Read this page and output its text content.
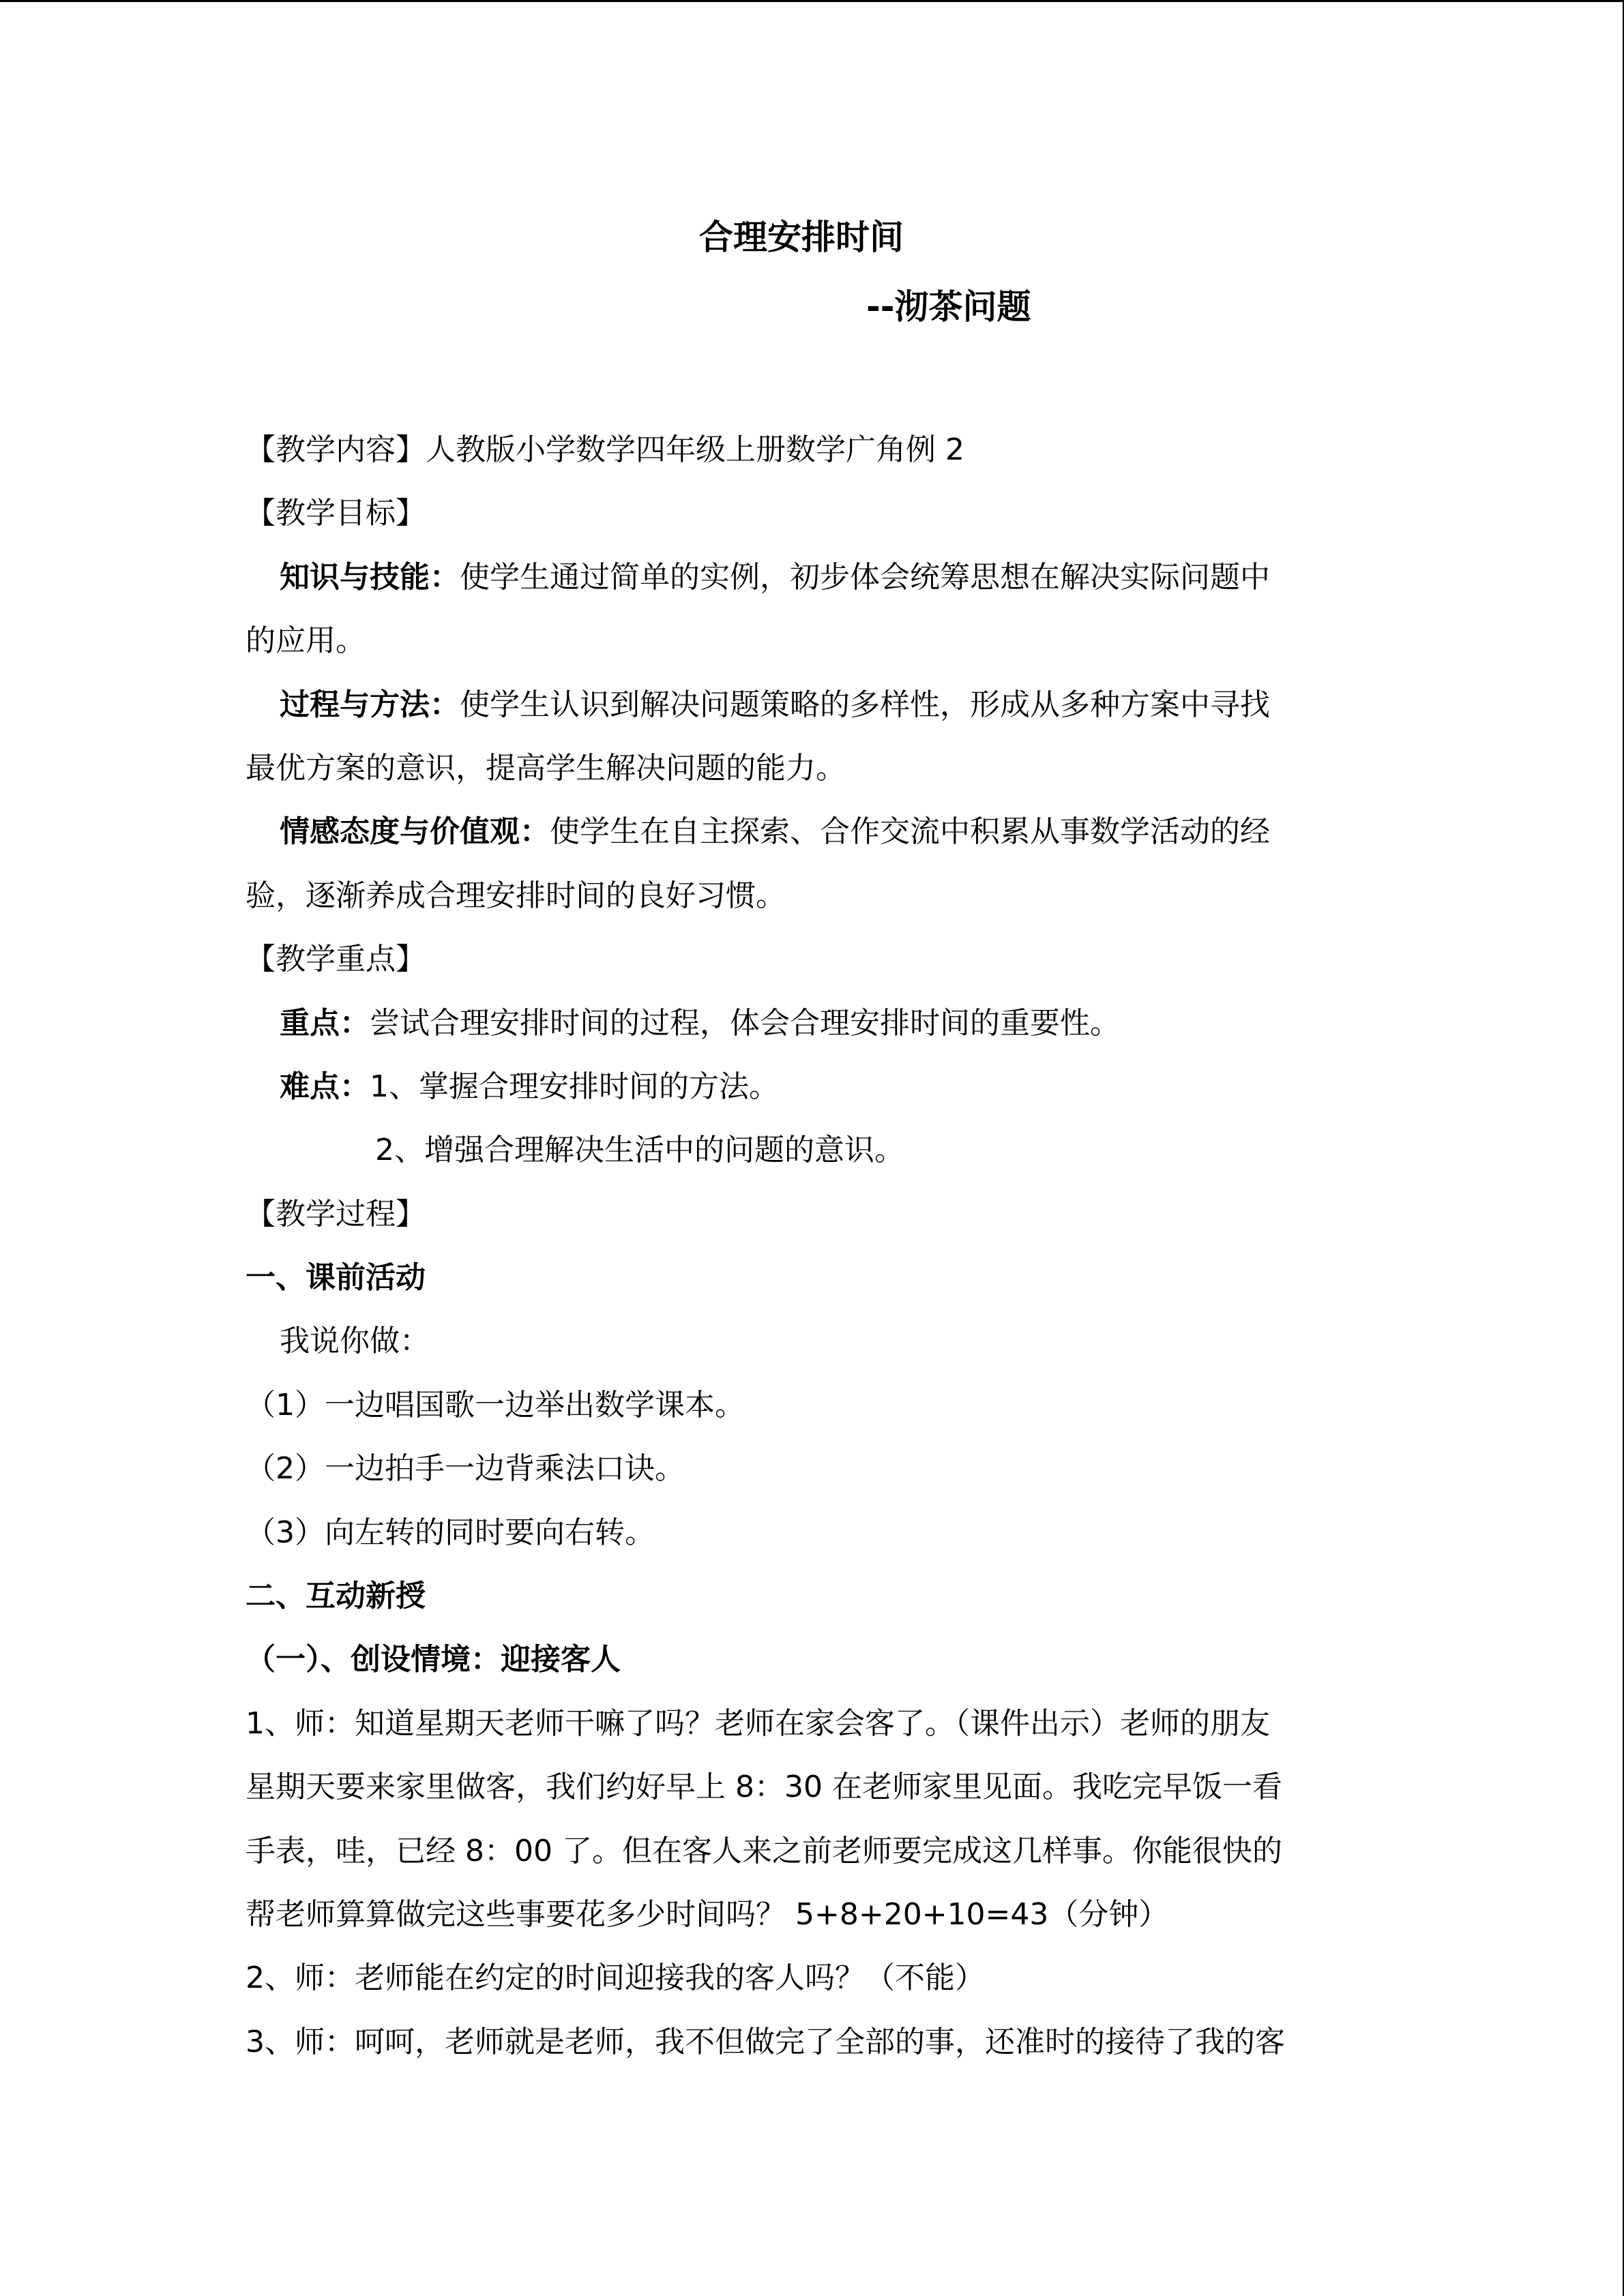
合理安排时间
--沏茶问题
【教学内容】人教版小学数学四年级上册数学广角例 2
【教学目标】
知识与技能：使学生通过简单的实例，初步体会统筹思想在解决实际问题中
的应用。
过程与方法：使学生认识到解决问题策略的多样性，形成从多种方案中寻找
最优方案的意识，提高学生解决问题的能力。
情感态度与价值观：使学生在自主探索、合作交流中积累从事数学活动的经
验，逐渐养成合理安排时间的良好习惯。
【教学重点】
重点：尝试合理安排时间的过程，体会合理安排时间的重要性。
难点：1、掌握合理安排时间的方法。
2、增强合理解决生活中的问题的意识。
【教学过程】
一、课前活动
我说你做：
（1）一边唱国歌一边举出数学课本。
（2）一边拍手一边背乘法口诀。
（3）向左转的同时要向右转。
二、互动新授
（一）、创设情境：迎接客人
1、师：知道星期天老师干嘛了吗？老师在家会客了。（课件出示）老师的朋友
星期天要来家里做客，我们约好早上 8：30 在老师家里见面。我吃完早饭一看
手表，哇，已经 8：00 了。但在客人来之前老师要完成这几样事。你能很快的
帮老师算算做完这些事要花多少时间吗？ 5+8+20+10=43（分钟）
2、师：老师能在约定的时间迎接我的客人吗？（不能）
3、师：呵呵，老师就是老师，我不但做完了全部的事，还准时的接待了我的客
